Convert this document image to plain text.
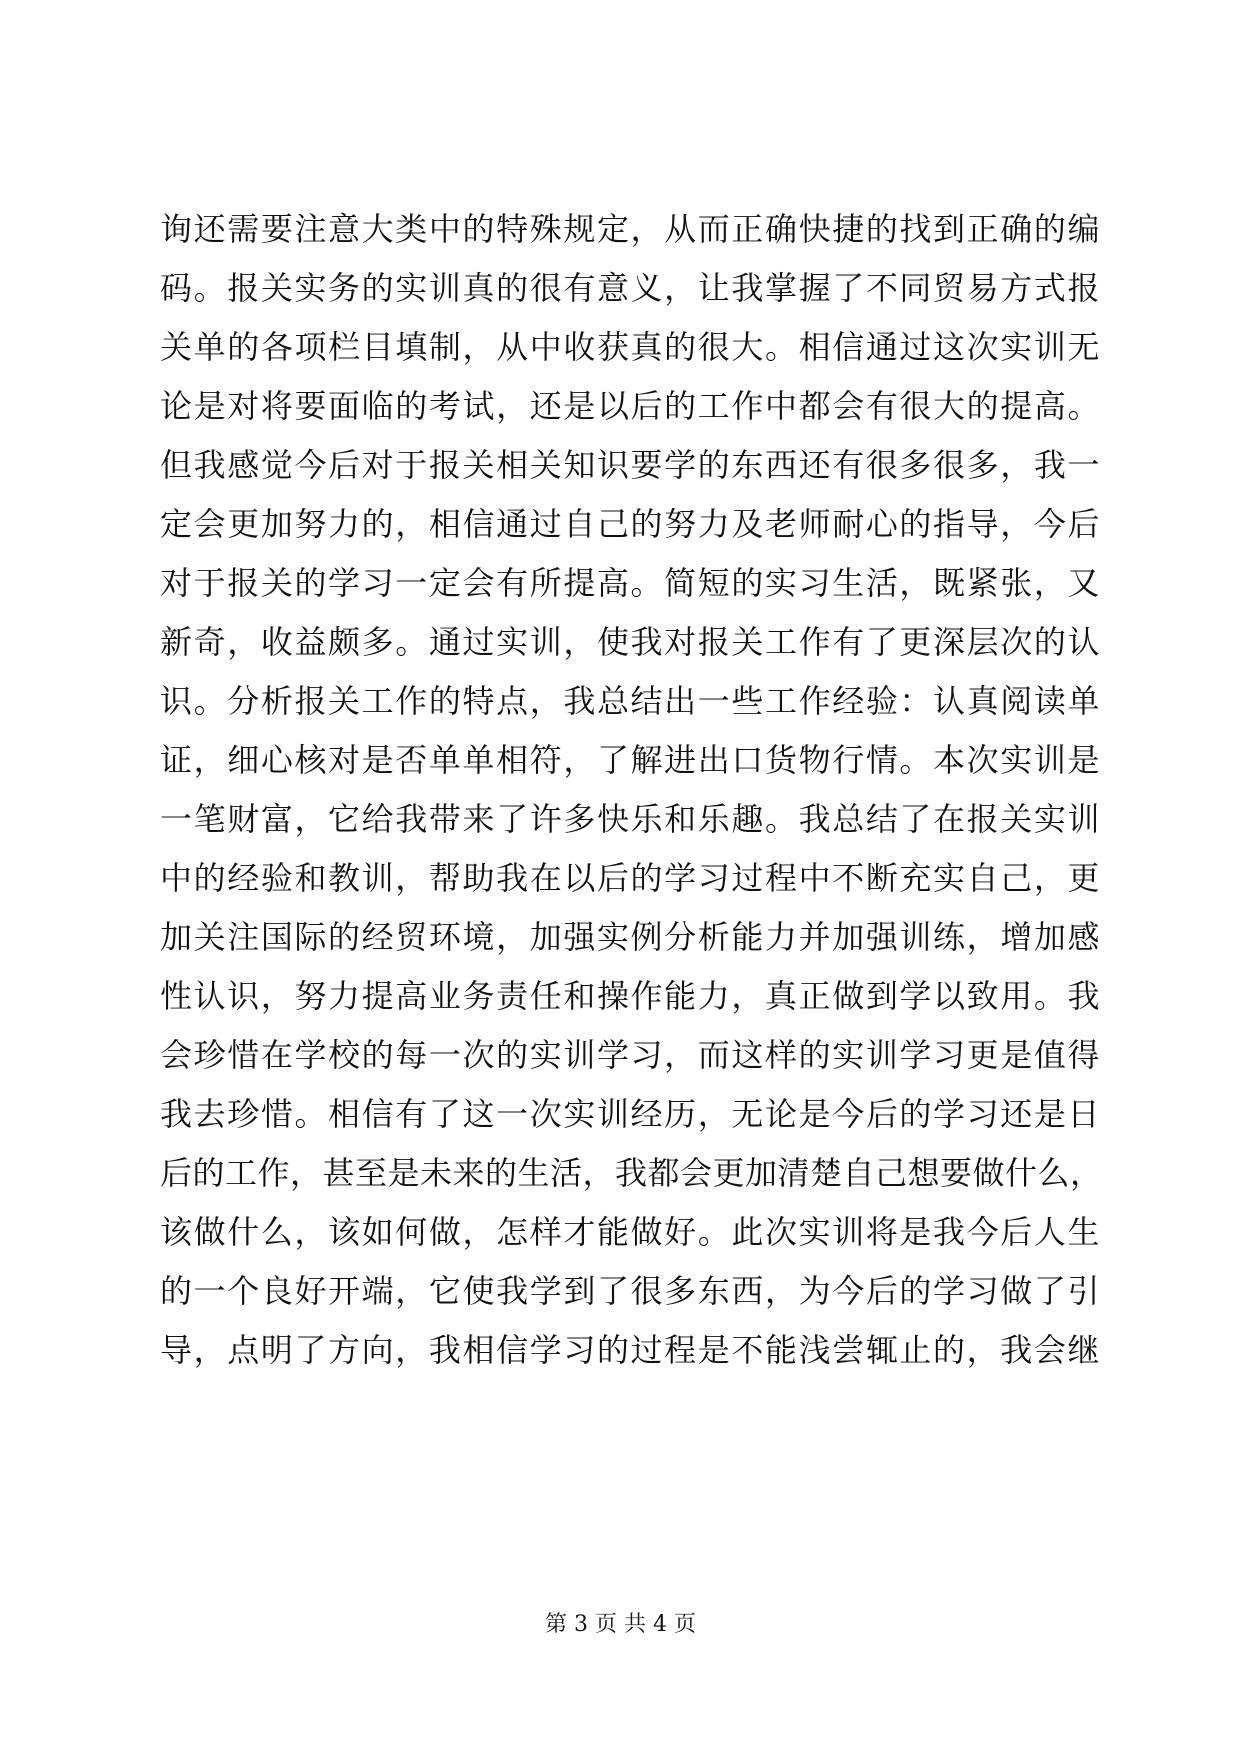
询还需要注意大类中的特殊规定，从而正确快捷的找到正确的编
码。报关实务的实训真的很有意义，让我掌握了不同贸易方式报
关单的各项栏目填制，从中收获真的很大。相信通过这次实训无
论是对将要面临的考试，还是以后的工作中都会有很大的提高。
但我感觉今后对于报关相关知识要学的东西还有很多很多，我一
定会更加努力的，相信通过自己的努力及老师耐心的指导，今后
对于报关的学习一定会有所提高。简短的实习生活，既紧张，又
新奇，收益颇多。通过实训，使我对报关工作有了更深层次的认
识。分析报关工作的特点，我总结出一些工作经验：认真阅读单
证，细心核对是否单单相符，了解进出口货物行情。本次实训是
一笔财富，它给我带来了许多快乐和乐趣。我总结了在报关实训
中的经验和教训，帮助我在以后的学习过程中不断充实自己，更
加关注国际的经贸环境，加强实例分析能力并加强训练，增加感
性认识，努力提高业务责任和操作能力，真正做到学以致用。我
会珍惜在学校的每一次的实训学习，而这样的实训学习更是值得
我去珍惜。相信有了这一次实训经历，无论是今后的学习还是日
后的工作，甚至是未来的生活，我都会更加清楚自己想要做什么，
该做什么，该如何做，怎样才能做好。此次实训将是我今后人生
的一个良好开端，它使我学到了很多东西，为今后的学习做了引
导，点明了方向，我相信学习的过程是不能浅尝辄止的，我会继
第 3 页 共 4 页
